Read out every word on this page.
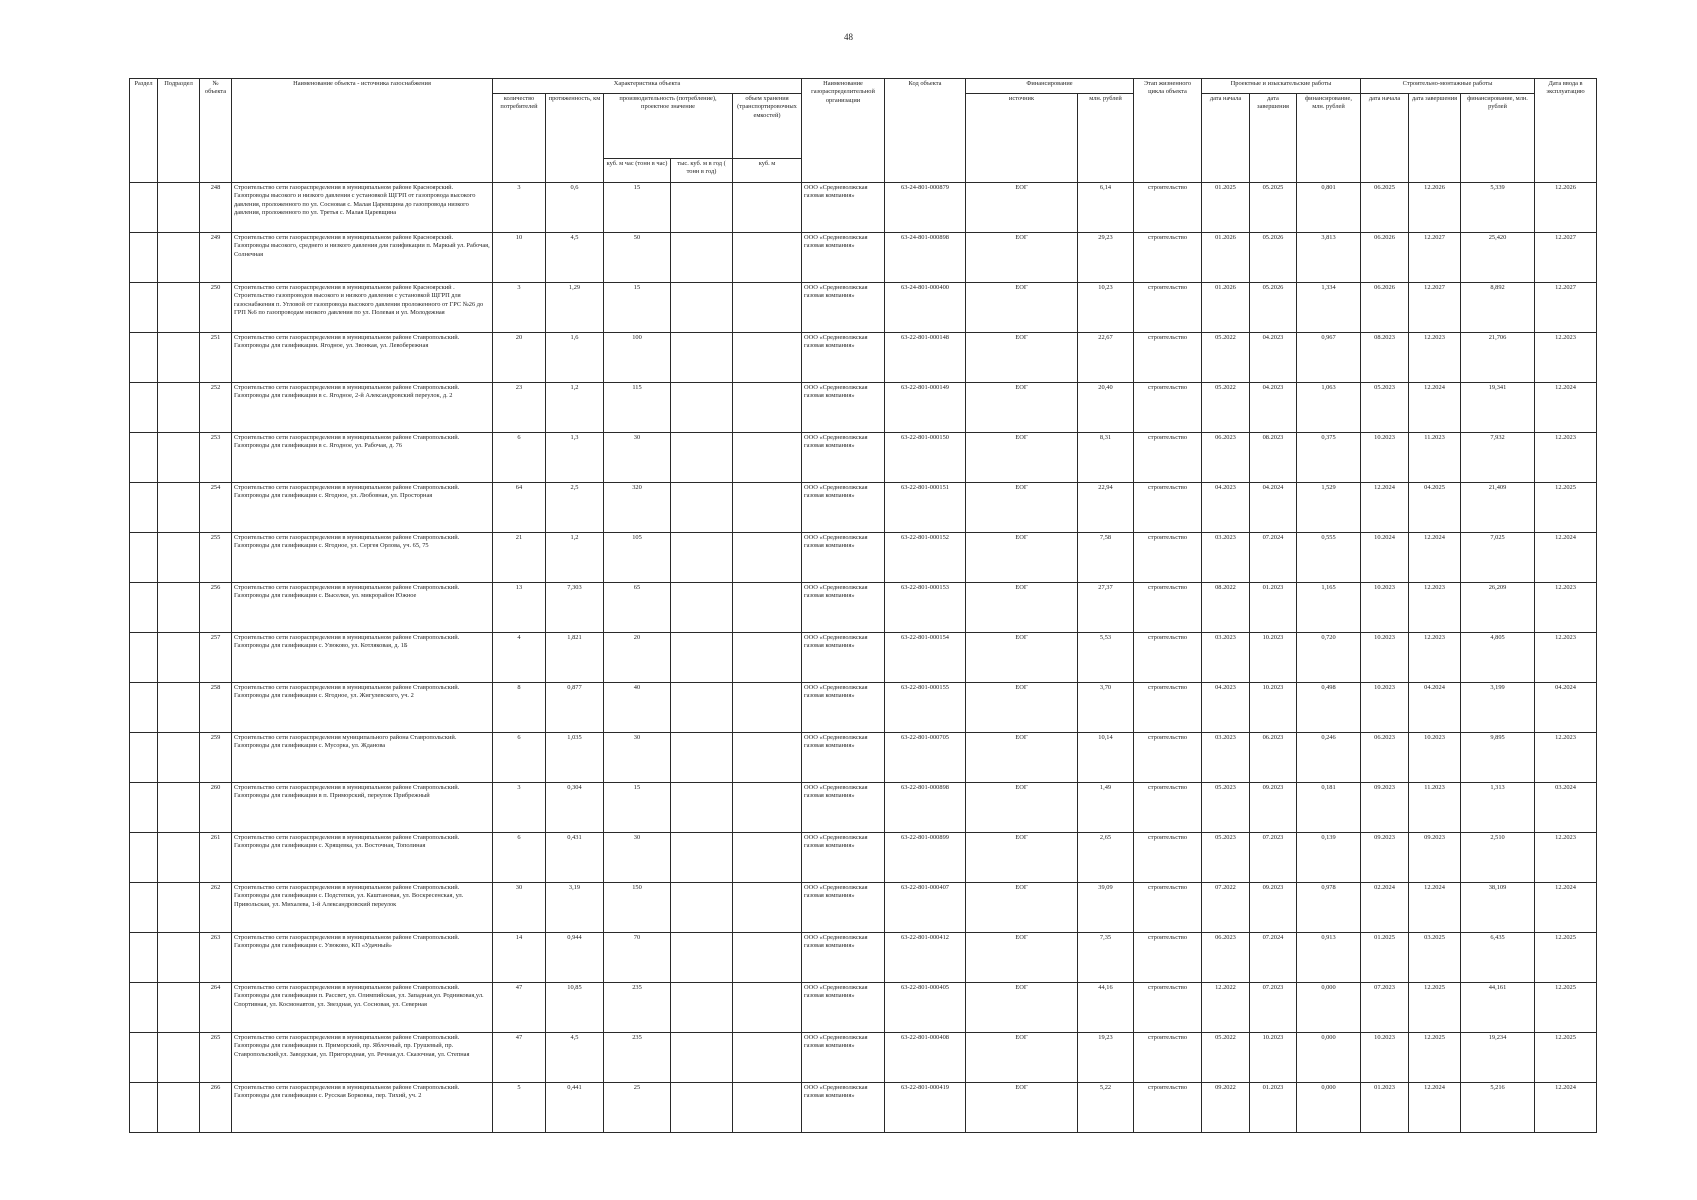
48
Раздел	Подраздел	№ объекта	Наименование объекта - источника газоснабжения	Характеристика объекта					Наименование газораспределительной организации	Код объекта	Финансирование		Этап жизненного цикла объекта	Проектные и изыскательские работы			Строительно-монтажные работы			Дата ввода в эксплуатацию
				количество потребителей	протяженность, км	производительность (потребление), проектное значение		объем хранения (транспортировочных емкостей)			источник	млн. рублей		дата начала	дата завершения	финансирование, млн. рублей	дата начала	дата завершения	финансирование, млн. рублей	
						куб. м час (тонн в час)	тыс. куб. м в год ( тонн в год)	куб. м												
		248	Строительство сети газораспределения в муниципальном районе Красноярский. Газопроводы высокого и низкого давления с установкой ЩГРП от газопровода высокого давления, проложенного по ул. Сосновая с. Малая Царевщина до газопровода низкого давления, проложенного по ул. Третья с. Малая Царевщина	3	0,6	15			ООО «Средневолжская газовая компания»	63-24-801-000879	ЕОГ	6,14	строительство	01.2025	05.2025	0,801	06.2025	12.2026	5,339	12.2026
		249	Строительство сети газораспределения в муниципальном районе Красноярский. Газопроводы высокого, среднего и низкого давления для газификации п. Маркый ул. Рабочая, Солнечная	10	4,5	50			ООО «Средневолжская газовая компания»	63-24-801-000898	ЕОГ	29,23	строительство	01.2026	05.2026	3,813	06.2026	12.2027	25,420	12.2027
		250	Строительство сети газораспределения в муниципальном районе Красноярский . Строительство газопроводов высокого и низкого давления с установкой ЩГРП для газоснабжения п. Угловой от газопровода высокого давления проложенного от ГРС №26 до ГРП №6 по газопроводам низкого давления по ул. Полевая и ул. Молодежная	3	1,29	15			ООО «Средневолжская газовая компания»	63-24-801-000400	ЕОГ	10,23	строительство	01.2026	05.2026	1,334	06.2026	12.2027	8,892	12.2027
		251	Строительство сети газораспределения в муниципальном районе Ставропольский. Газопроводы для газификации. Ягодное, ул. Звонкая, ул. Левобережная	20	1,6	100			ООО «Средневолжская газовая компания»	63-22-801-000148	ЕОГ	22,67	строительство	05.2022	04.2023	0,967	08.2023	12.2023	21,706	12.2023
		252	Строительство сети газораспределения в муниципальном районе Ставропольский. Газопроводы для газификации в с. Ягодное, 2-й Александровский переулок, д. 2	23	1,2	115			ООО «Средневолжская газовая компания»	63-22-801-000149	ЕОГ	20,40	строительство	05.2022	04.2023	1,063	05.2023	12.2024	19,341	12.2024
		253	Строительство сети газораспределения в муниципальном районе Ставропольский. Газопроводы для газификации в с. Ягодное, ул. Рабочая, д. 76	6	1,3	30			ООО «Средневолжская газовая компания»	63-22-801-000150	ЕОГ	8,31	строительство	06.2023	08.2023	0,375	10.2023	11.2023	7,932	12.2023
		254	Строительство сети газораспределения в муниципальном районе Ставропольский. Газопроводы для газификации с. Ягодное, ул. Любовная, ул. Просторная	64	2,5	320			ООО «Средневолжская газовая компания»	63-22-801-000151	ЕОГ	22,94	строительство	04.2023	04.2024	1,529	12.2024	04.2025	21,409	12.2025
		255	Строительство сети газораспределения в муниципальном районе Ставропольский. Газопроводы для газификации с. Ягодное, ул. Сергея Орлова, уч. 65, 75	21	1,2	105			ООО «Средневолжская газовая компания»	63-22-801-000152	ЕОГ	7,58	строительство	03.2023	07.2024	0,555	10.2024	12.2024	7,025	12.2024
		256	Строительство сети газораспределения в муниципальном районе Ставропольский. Газопроводы для газификации с. Выселки, ул. микрорайон Южное	13	7,303	65			ООО «Средневолжская газовая компания»	63-22-801-000153	ЕОГ	27,37	строительство	08.2022	01.2023	1,165	10.2023	12.2023	26,209	12.2023
		257	Строительство сети газораспределения в муниципальном районе Ставропольский. Газопроводы для газификации с. Узюково, ул. Котляковая, д. 1Б	4	1,821	20			ООО «Средневолжская газовая компания»	63-22-801-000154	ЕОГ	5,53	строительство	03.2023	10.2023	0,720	10.2023	12.2023	4,805	12.2023
		258	Строительство сети газораспределения в муниципальном районе Ставропольский. Газопроводы для газификации с. Ягодное, ул. Жигулевского, уч. 2	8	0,877	40			ООО «Средневолжская газовая компания»	63-22-801-000155	ЕОГ	3,70	строительство	04.2023	10.2023	0,498	10.2023	04.2024	3,199	04.2024
		259	Строительство сети газораспределения муниципального района Ставропольский. Газопроводы для газификации с. Мусорка, ул. Жданова	6	1,035	30			ООО «Средневолжская газовая компания»	63-22-801-000705	ЕОГ	10,14	строительство	03.2023	06.2023	0,246	06.2023	10.2023	9,895	12.2023
		260	Строительство сети газораспределения в муниципальном районе Ставропольский. Газопроводы для газификации в п. Приморский, переулок Прибрежный	3	0,304	15			ООО «Средневолжская газовая компания»	63-22-801-000898	ЕОГ	1,49	строительство	05.2023	09.2023	0,181	09.2023	11.2023	1,313	03.2024
		261	Строительство сети газораспределения в муниципальном районе Ставропольский. Газопроводы для газификации с. Хрящевка, ул. Восточная, Тополиная	6	0,431	30			ООО «Средневолжская газовая компания»	63-22-801-000899	ЕОГ	2,65	строительство	05.2023	07.2023	0,139	09.2023	09.2023	2,510	12.2023
		262	Строительство сети газораспределения в муниципальном районе Ставропольский. Газопроводы для газификации с. Подстепки, ул. Каштановая, ул. Воскресенская, ул. Привольская, ул. Михалева, 1-й Александровский переулок	30	3,19	150			ООО «Средневолжская газовая компания»	63-22-801-000407	ЕОГ	39,09	строительство	07.2022	09.2023	0,978	02.2024	12.2024	38,109	12.2024
		263	Строительство сети газораспределения в муниципальном районе Ставропольский. Газопроводы для газификации с. Узюково, КП «Удачный»	14	0,944	70			ООО «Средневолжская газовая компания»	63-22-801-000412	ЕОГ	7,35	строительство	06.2023	07.2024	0,913	01.2025	03.2025	6,435	12.2025
		264	Строительство сети газораспределения в муниципальном районе Ставропольский. Газопроводы для газификации п. Рассвет, ул. Олимпийская, ул. Западная,ул. Родниковая,ул. Спортивная, ул. Космонавтов, ул. Звездная, ул. Сосновая, ул. Северная	47	10,85	235			ООО «Средневолжская газовая компания»	63-22-801-000405	ЕОГ	44,16	строительство	12.2022	07.2023	0,000	07.2023	12.2025	44,161	12.2025
		265	Строительство сети газораспределения в муниципальном районе Ставропольский. Газопроводы для газификации п. Приморский, пр. Яблочный, пр. Грушевый, пр. Ставропольский,ул. Заводская, ул. Пригородная, ул. Речная,ул. Сказочная, ул. Степная	47	4,5	235			ООО «Средневолжская газовая компания»	63-22-801-000408	ЕОГ	19,23	строительство	05.2022	10.2023	0,000	10.2023	12.2025	19,234	12.2025
		266	Строительство сети газораспределения в муниципальном районе Ставропольский. Газопроводы для газификации с. Русская Борковка, пер. Тихий, уч. 2	5	0,441	25			ООО «Средневолжская газовая компания»	63-22-801-000419	ЕОГ	5,22	строительство	09.2022	01.2023	0,000	01.2023	12.2024	5,216	12.2024
